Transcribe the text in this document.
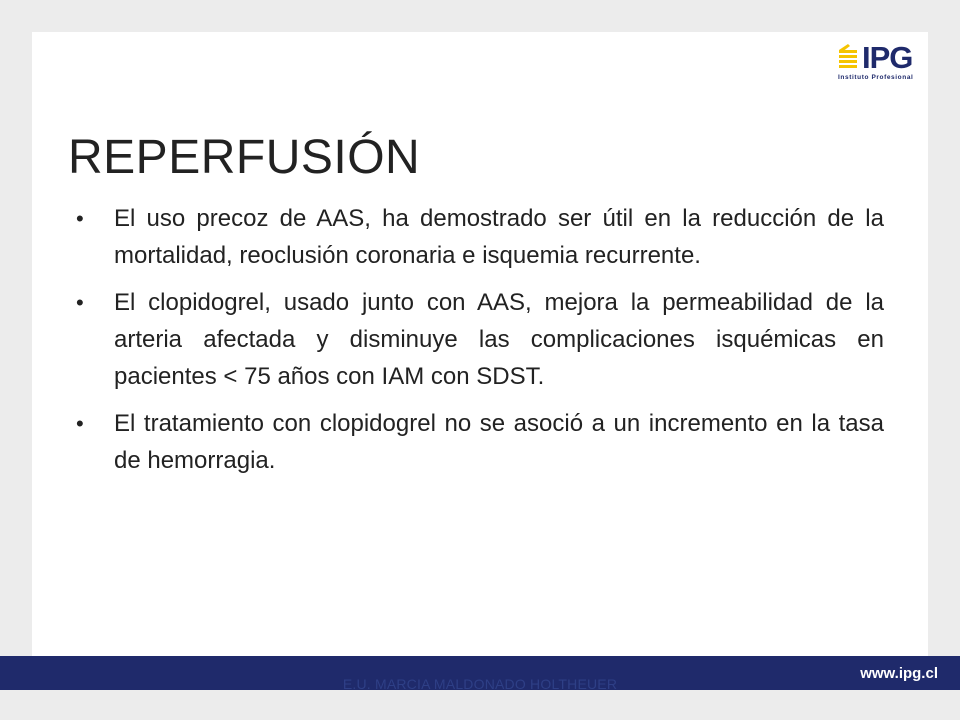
IPG
Instituto Profesional
REPERFUSIÓN
• El uso precoz de AAS, ha demostrado ser útil en la reducción de la mortalidad, reoclusión coronaria e isquemia recurrente.
• El clopidogrel, usado junto con AAS, mejora la permeabilidad de la arteria afectada y disminuye las complicaciones isquémicas en pacientes < 75 años con IAM con SDST.
• El tratamiento con clopidogrel no se asoció a un incremento en la tasa de hemorragia.
www.ipg.cl
E.U. MARCIA MALDONADO HOLTHEUER
